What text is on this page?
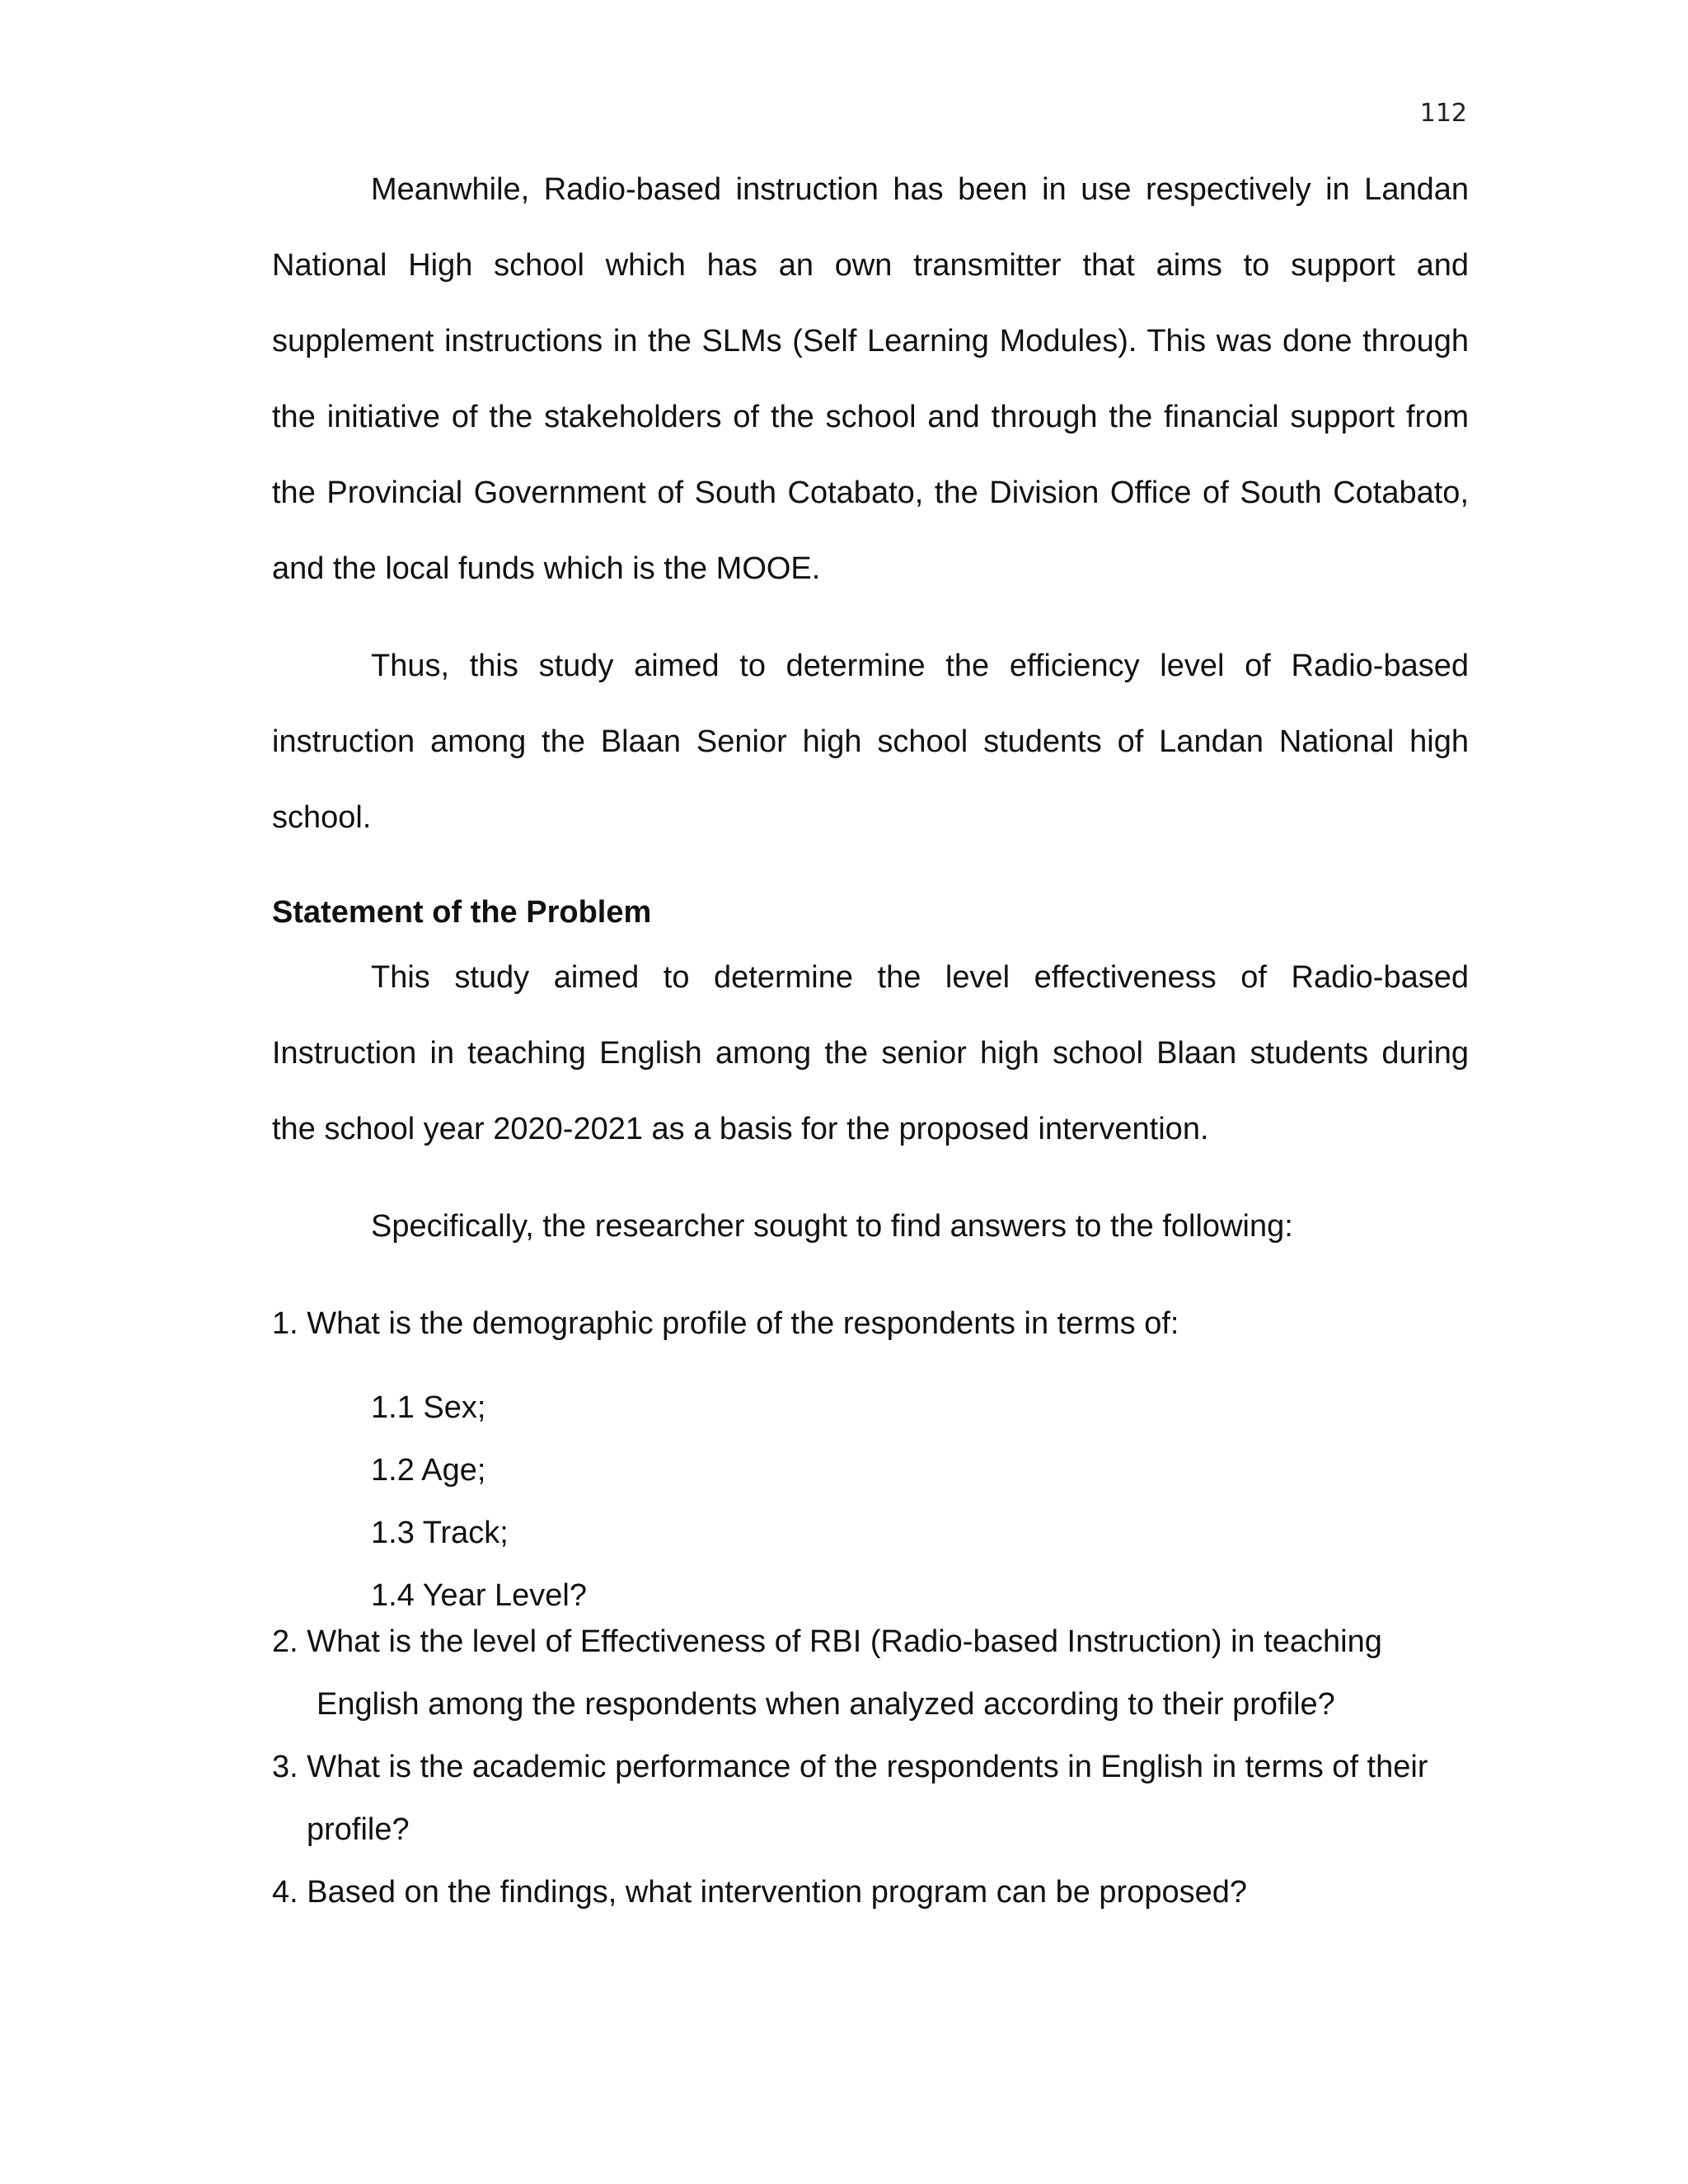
112

Meanwhile, Radio-based instruction has been in use respectively in Landan National High school which has an own transmitter that aims to support and supplement instructions in the SLMs (Self Learning Modules). This was done through the initiative of the stakeholders of the school and through the financial support from the Provincial Government of South Cotabato, the Division Office of South Cotabato, and the local funds which is the MOOE.

Thus, this study aimed to determine the efficiency level of Radio-based instruction among the Blaan Senior high school students of Landan National high school.

Statement of the Problem

This study aimed to determine the level effectiveness of Radio-based Instruction in teaching English among the senior high school Blaan students during the school year 2020-2021 as a basis for the proposed intervention.

Specifically, the researcher sought to find answers to the following:

1. What is the demographic profile of the respondents in terms of:

1.1 Sex;
1.2 Age;
1.3 Track;
1.4 Year Level?
2. What is the level of Effectiveness of RBI (Radio-based Instruction) in teaching
English among the respondents when analyzed according to their profile?
3. What is the academic performance of the respondents in English in terms of their
profile?
4. Based on the findings, what intervention program can be proposed?
